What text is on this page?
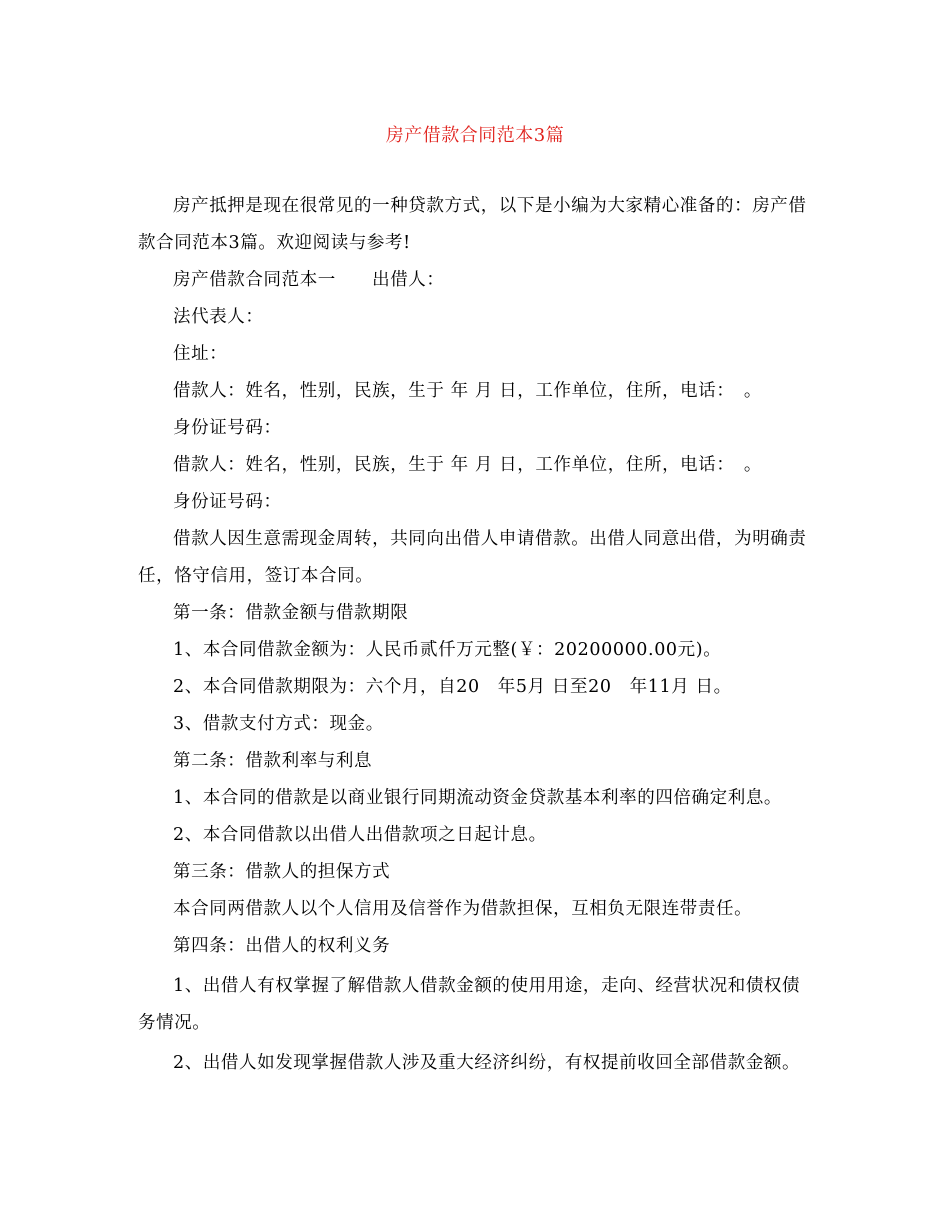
房产借款合同范本3篇

房产抵押是现在很常见的一种贷款方式，以下是小编为大家精心准备的：房产借款合同范本3篇。欢迎阅读与参考!

房产借款合同范本一　　出借人：

法代表人：

住址：

借款人：姓名，性别，民族，生于 年 月 日，工作单位，住所，电话：　。

身份证号码：

借款人：姓名，性别，民族，生于 年 月 日，工作单位，住所，电话：　。

身份证号码：

借款人因生意需现金周转，共同向出借人申请借款。出借人同意出借，为明确责任，恪守信用，签订本合同。

第一条：借款金额与借款期限

1、本合同借款金额为：人民币贰仟万元整(￥：20200000.00元)。

2、本合同借款期限为：六个月，自20　年5月 日至20　年11月 日。

3、借款支付方式：现金。

第二条：借款利率与利息

1、本合同的借款是以商业银行同期流动资金贷款基本利率的四倍确定利息。

2、本合同借款以出借人出借款项之日起计息。

第三条：借款人的担保方式

本合同两借款人以个人信用及信誉作为借款担保，互相负无限连带责任。

第四条：出借人的权利义务

1、出借人有权掌握了解借款人借款金额的使用用途，走向、经营状况和债权债务情况。

2、出借人如发现掌握借款人涉及重大经济纠纷，有权提前收回全部借款金额。
